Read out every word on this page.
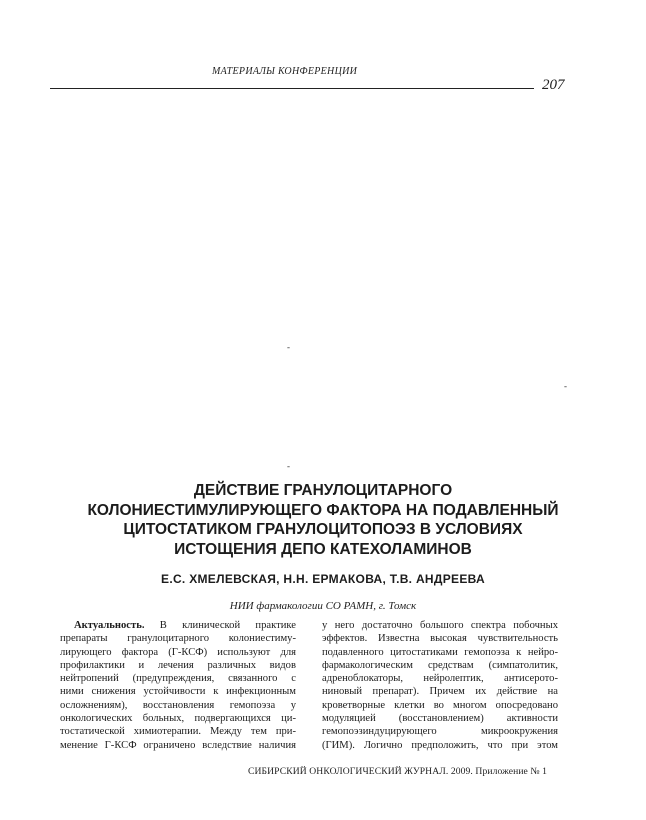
МАТЕРИАЛЫ КОНФЕРЕНЦИИ
207
-
-
-
ДЕЙСТВИЕ ГРАНУЛОЦИТАРНОГО
КОЛОНИЕСТИМУЛИРУЮЩЕГО ФАКТОРА НА ПОДАВЛЕННЫЙ
ЦИТОСТАТИКОМ ГРАНУЛОЦИТОПОЭЗ В УСЛОВИЯХ
ИСТОЩЕНИЯ ДЕПО КАТЕХОЛАМИНОВ
Е.С. ХМЕЛЕВСКАЯ, Н.Н. ЕРМАКОВА, Т.В. АНДРЕЕВА
НИИ фармакологии СО РАМН, г. Томск
Актуальность. В клинической практике
препараты гранулоцитарного колониестиму-
лирующего фактора (Г-КСФ) используют для
профилактики и лечения различных видов
нейтропений (предупреждения, связанного с
ними снижения устойчивости к инфекционным
осложнениям), восстановления гемопоэза у
онкологических больных, подвергающихся ци-
тостатической химиотерапии. Между тем при-
менение Г-КСФ ограничено вследствие наличия
у него достаточно большого спектра побочных
эффектов. Известна высокая чувствительность
подавленного цитостатиками гемопоэза к нейро-
фармакологическим средствам (симпатолитик,
адреноблокаторы, нейролептик, антисерото-
ниновый препарат). Причем их действие на
кроветворные клетки во многом опосредовано
модуляцией (восстановлением) активности
гемопоэзиндуцирующего микроокружения
(ГИМ). Логично предположить, что при этом
СИБИРСКИЙ ОНКОЛОГИЧЕСКИЙ ЖУРНАЛ. 2009. Приложение № 1
